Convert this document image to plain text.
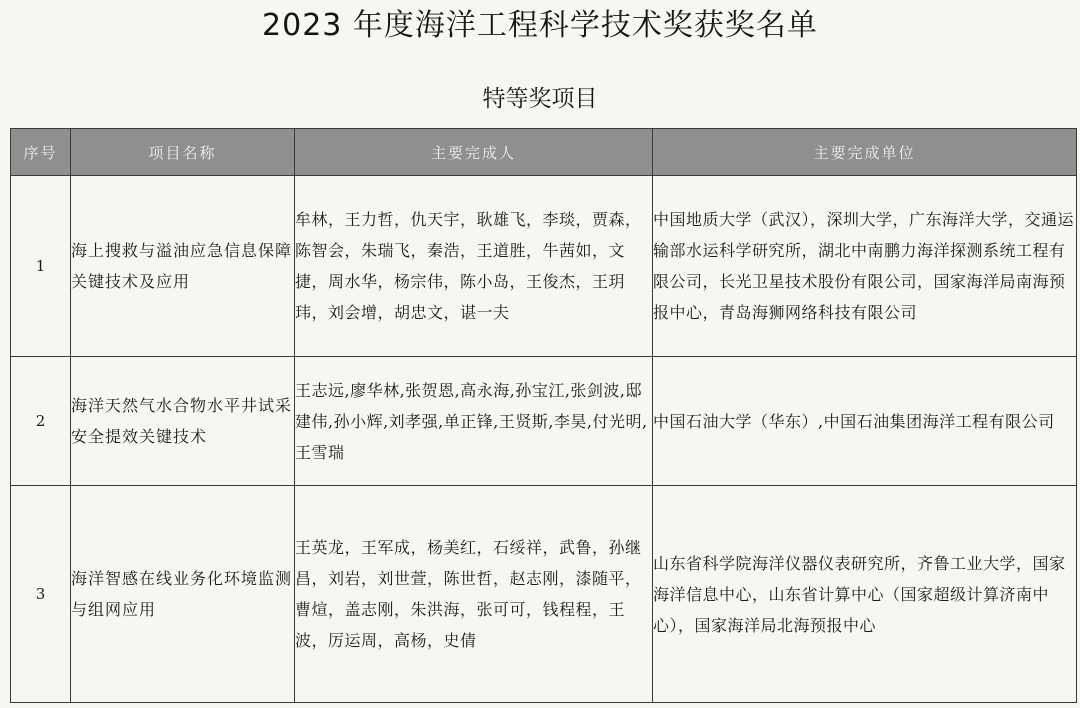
2023 年度海洋工程科学技术奖获奖名单
特等奖项目
序号	项目名称	主要完成人	主要完成单位
1	海上搜救与溢油应急信息保障关键技术及应用	牟林，王力哲，仇天宇，耿雄飞，李琰，贾森，陈智会，朱瑞飞，秦浩，王道胜，牛茜如，文捷，周水华，杨宗伟，陈小岛，王俊杰，王玥玮，刘会增，胡忠文，谌一夫	中国地质大学（武汉），深圳大学，广东海洋大学，交通运输部水运科学研究所，湖北中南鹏力海洋探测系统工程有限公司，长光卫星技术股份有限公司，国家海洋局南海预报中心，青岛海狮网络科技有限公司
2	海洋天然气水合物水平井试采安全提效关键技术	王志远,廖华林,张贺恩,高永海,孙宝江,张剑波,邸建伟,孙小辉,刘孝强,单正锋,王贤斯,李昊,付光明,王雪瑞	中国石油大学（华东）,中国石油集团海洋工程有限公司
3	海洋智感在线业务化环境监测与组网应用	王英龙，王军成，杨美红，石绥祥，武鲁，孙继昌，刘岩，刘世萱，陈世哲，赵志刚，漆随平，曹煊，盖志刚，朱洪海，张可可，钱程程，王波，厉运周，高杨，史倩	山东省科学院海洋仪器仪表研究所，齐鲁工业大学，国家海洋信息中心，山东省计算中心（国家超级计算济南中心），国家海洋局北海预报中心
